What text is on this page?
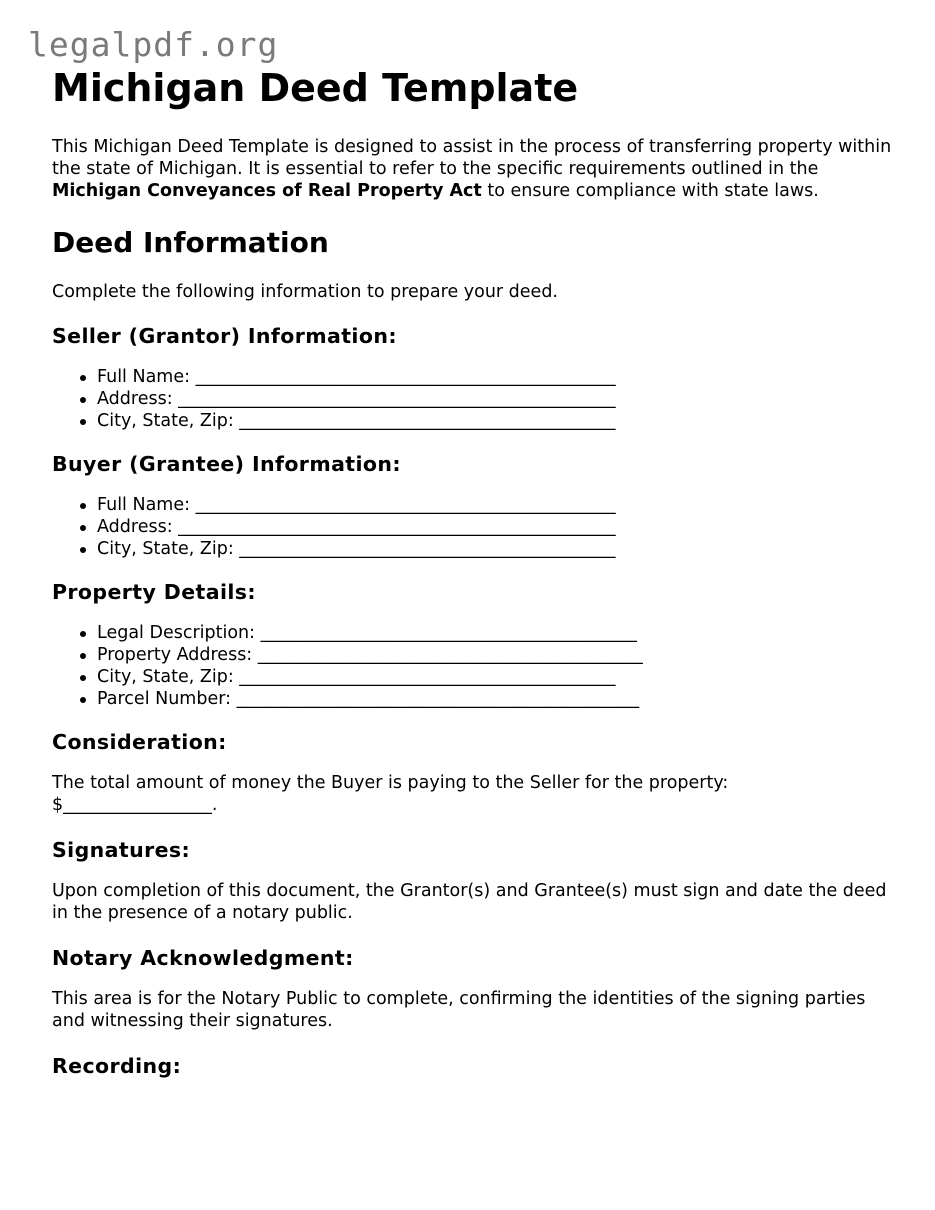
legalpdf.org
Michigan Deed Template

This Michigan Deed Template is designed to assist in the process of transferring property within the state of Michigan. It is essential to refer to the specific requirements outlined in the Michigan Conveyances of Real Property Act to ensure compliance with state laws.

Deed Information

Complete the following information to prepare your deed.

Seller (Grantor) Information:
Full Name: ________________________________________________
Address: __________________________________________________
City, State, Zip: ___________________________________________
Buyer (Grantee) Information:
Full Name: ________________________________________________
Address: __________________________________________________
City, State, Zip: ___________________________________________
Property Details:
Legal Description: ___________________________________________
Property Address: ____________________________________________
City, State, Zip: ___________________________________________
Parcel Number: ______________________________________________
Consideration:

The total amount of money the Buyer is paying to the Seller for the property: $_________________.

Signatures:

Upon completion of this document, the Grantor(s) and Grantee(s) must sign and date the deed in the presence of a notary public.

Notary Acknowledgment:

This area is for the Notary Public to complete, confirming the identities of the signing parties and witnessing their signatures.

Recording:
